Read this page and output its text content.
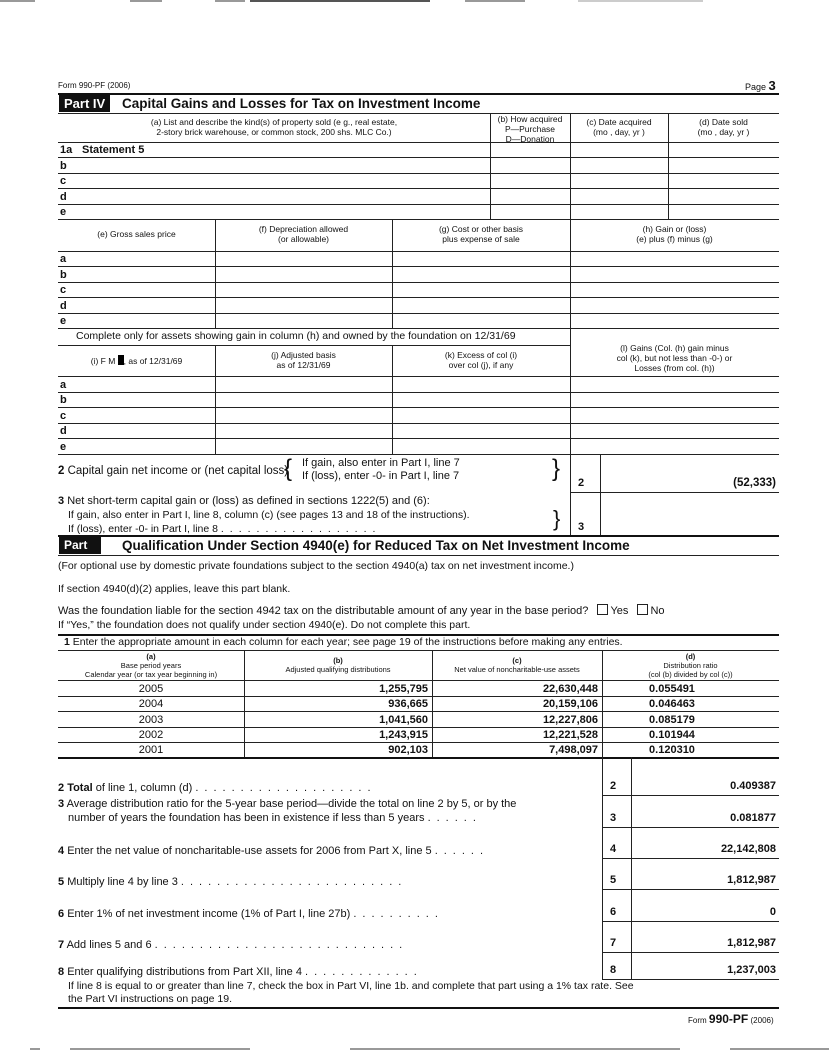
Form 990-PF (2006)	Page 3
Part IV	Capital Gains and Losses for Tax on Investment Income
(a) List and describe the kind(s) of property sold (e g., real estate,
2-story brick warehouse, or common stock, 200 shs. MLC Co.)
(b) How acquired
P—Purchase
D—Donation
(c) Date acquired
(mo , day, yr )
(d) Date sold
(mo , day, yr )
1a Statement 5
b
c
d
e
(e) Gross sales price	(f) Depreciation allowed
(or allowable)
(g) Cost or other basis
plus expense of sale
(h) Gain or (loss)
(e) plus (f) minus (g)
a
b
c
d
e
Complete only for assets showing gain in column (h) and owned by the foundation on 12/31/69
(i) F M , as of 12/31/69
(j) Adjusted basis
as of 12/31/69
(k) Excess of col (i)
over col (j), if any
(l) Gains (Col. (h) gain minus
col (k), but not less than -0-) or
Losses (from col. (h))
a
b
c
d
e
2 Capital gain net income or (net capital loss)
{ If gain, also enter in Part I, line 7
If (loss), enter -0- in Part I, line 7	}
2	(52,333)
3 Net short-term capital gain or (loss) as defined in sections 1222(5) and (6):
If gain, also enter in Part I, line 8, column (c) (see pages 13 and 18 of the instructions).
If (loss), enter -0- in Part I, line 8 ..................	} 3
Part	Qualification Under Section 4940(e) for Reduced Tax on Net Investment Income
(For optional use by domestic private foundations subject to the section 4940(a) tax on net investment income.)
If section 4940(d)(2) applies, leave this part blank.
Was the foundation liable for the section 4942 tax on the distributable amount of any year in the base period? Yes No
If “Yes,” the foundation does not qualify under section 4940(e). Do not complete this part.
1 Enter the appropriate amount in each column for each year; see page 19 of the instructions before making any entries.
(a)
Base period years
Calendar year (or tax year beginning in)
(b)
Adjusted qualifying distributions
(c)
Net value of noncharitable-use assets
(d)
Distribution ratio
(col (b) divided by col (c))
2005	1,255,795	22,630,448	0.055491
2004	936,665	20,159,106	0.046463
2003	1,041,560	12,227,806	0.085179
2002	1,243,915	12,221,528	0.101944
2001	902,103	7,498,097	0.120310
2 Total of line 1, column (d) ....................	2	0.409387
3 Average distribution ratio for the 5-year base period—divide the total on line 2 by 5, or by the
number of years the foundation has been in existence if less than 5 years ......	3	0.081877
4 Enter the net value of noncharitable-use assets for 2006 from Part X, line 5 ......	4	22,142,808
5 Multiply line 4 by line 3 .........................	5	1,812,987
6 Enter 1% of net investment income (1% of Part I, line 27b) ..........	6	0
7 Add lines 5 and 6 ............................	7	1,812,987
8 Enter qualifying distributions from Part XII, line 4 .............	8	1,237,003
If line 8 is equal to or greater than line 7, check the box in Part VI, line 1b. and complete that part using a 1% tax rate. See
the Part VI instructions on page 19.
Form 990-PF (2006)
